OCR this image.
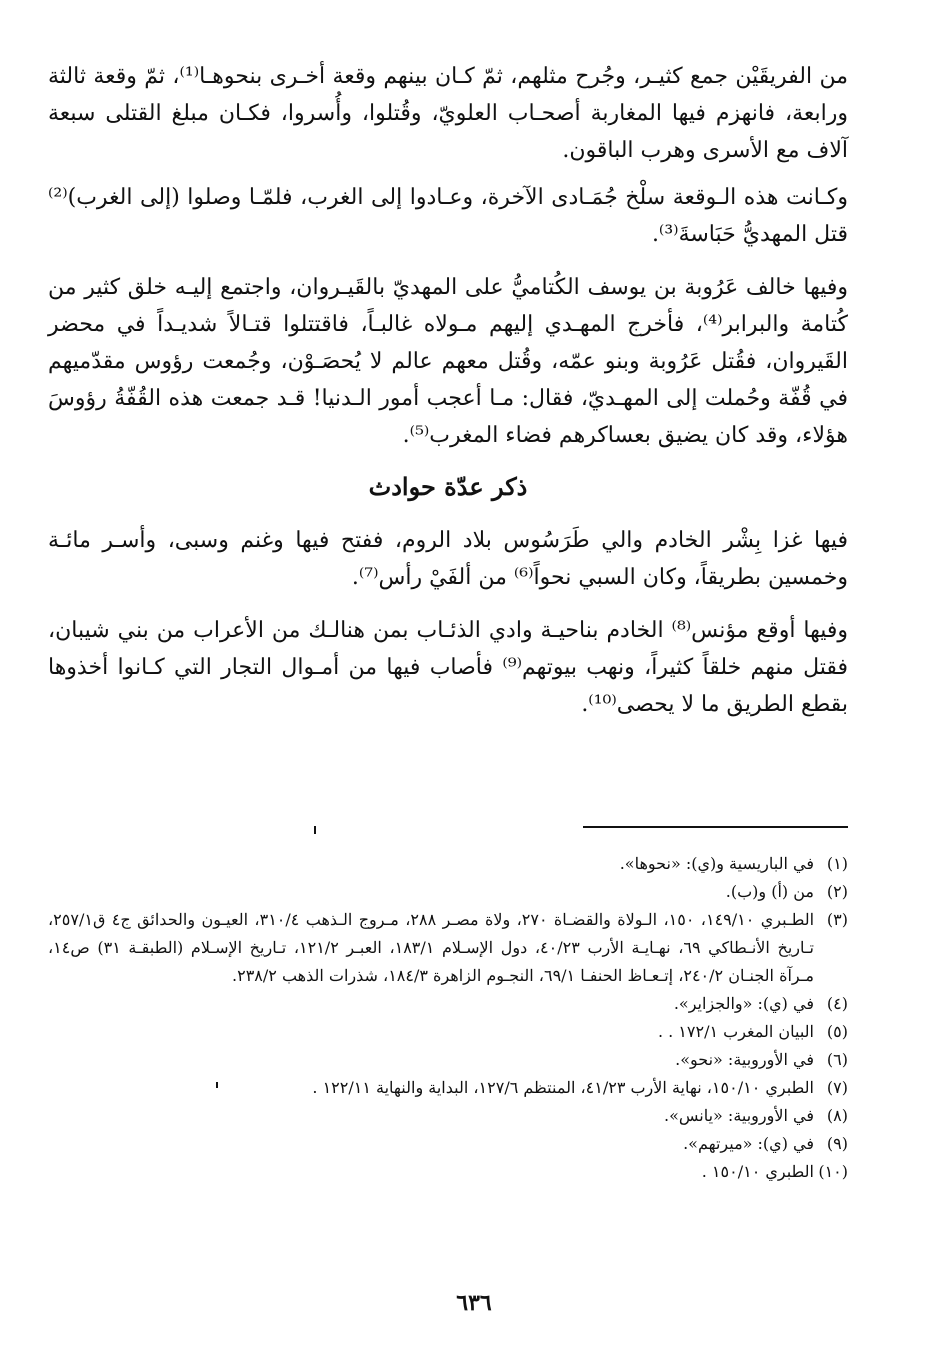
من الفريقَيْن جمع كثيـر، وجُرح مثلهم، ثمّ كـان بينهم وقعة أخـرى بنحوهـا⁽¹⁾، ثمّ وقعة ثالثة ورابعة، فانهزم فيها المغاربة أصحـاب العلويّ، وقُتلوا، وأُسروا، فكـان مبلغ القتلى سبعة آلاف مع الأسرى وهرب الباقون.

وكـانت هذه الـوقعة سلْخ جُمَـادى الآخرة، وعـادوا إلى الغرب، فلمّـا وصلوا (إلى الغرب)⁽²⁾ قتل المهديُّ حَبَاسةَ⁽³⁾.

وفيها خالف عَرُوبة بن يوسف الكُتاميُّ على المهديّ بالقَيـروان، واجتمع إليـه خلق كثير من كُتامة والبرابر⁽⁴⁾، فأخرج المهـدي إليهم مـولاه غالبـاً، فاقتتلوا قتـالاً شديـداً في محضر القَيروان، فقُتل عَرُوبة وبنو عمّه، وقُتل معهم عالم لا يُحصَـوْن، وجُمعت رؤوس مقدّميهم في قُفّة وحُملت إلى المهـديّ، فقال: مـا أعجب أمور الـدنيا! قـد جمعت هذه القُفّةُ رؤوسَ هؤلاء، وقد كان يضيق بعساكرهم فضاء المغرب⁽⁵⁾.

ذكر عدّة حوادث

فيها غزا بِشْر الخادم والي طَرَسُوس بلاد الروم، ففتح فيها وغنم وسبى، وأسـر مائـة وخمسين بطريقاً، وكان السبي نحواً⁽⁶⁾ من ألفَيْ رأس⁽⁷⁾.

وفيها أوقع مؤنس⁽⁸⁾ الخادم بناحيـة وادي الذئـاب بمن هنالـك من الأعراب من بني شيبان، فقتل منهم خلقاً كثيراً، ونهب بيوتهم⁽⁹⁾ فأصاب فيها من أمـوال التجار التي كـانوا أخذوها بقطع الطريق ما لا يحصى⁽¹⁰⁾.

(١)
في الباريسية و(ي): «نحوها».
(٢)
من (أ) و(ب).
(٣)
الطـبري ١٤٩/١٠، ١٥٠، الـولاة والقضـاة ٢٧٠، ولاة مصـر ٢٨٨، مـروج الـذهب ٣١٠/٤، العيـون والحدائق ج٤ ق٢٥٧/١، تـاريخ الأنـطاكي ٦٩، نهـايـة الأرب ٤٠/٢٣، دول الإسـلام ١٨٣/١، العبـر ١٢١/٢، تـاريخ الإسـلام (الطبقـة ٣١) ص١٤، مـرآة الجنـان ٢٤٠/٢، إتـعـاظ الحنفـا ٦٩/١، النجـوم الزاهرة ١٨٤/٣، شذرات الذهب ٢٣٨/٢.
(٤)
في (ي): «والجزاير».
(٥)
البيان المغرب ١٧٢/١ . .
(٦)
في الأوروبية: «نحو».
(٧)
الطبري ١٥٠/١٠، نهاية الأرب ٤١/٢٣، المنتظم ١٢٧/٦، البداية والنهاية ١٢٢/١١ .
(٨)
في الأوروبية: «يانس».
(٩)
في (ي): «ميرتهم».
(١٠)
الطبري ١٥٠/١٠ .
٦٣٦
